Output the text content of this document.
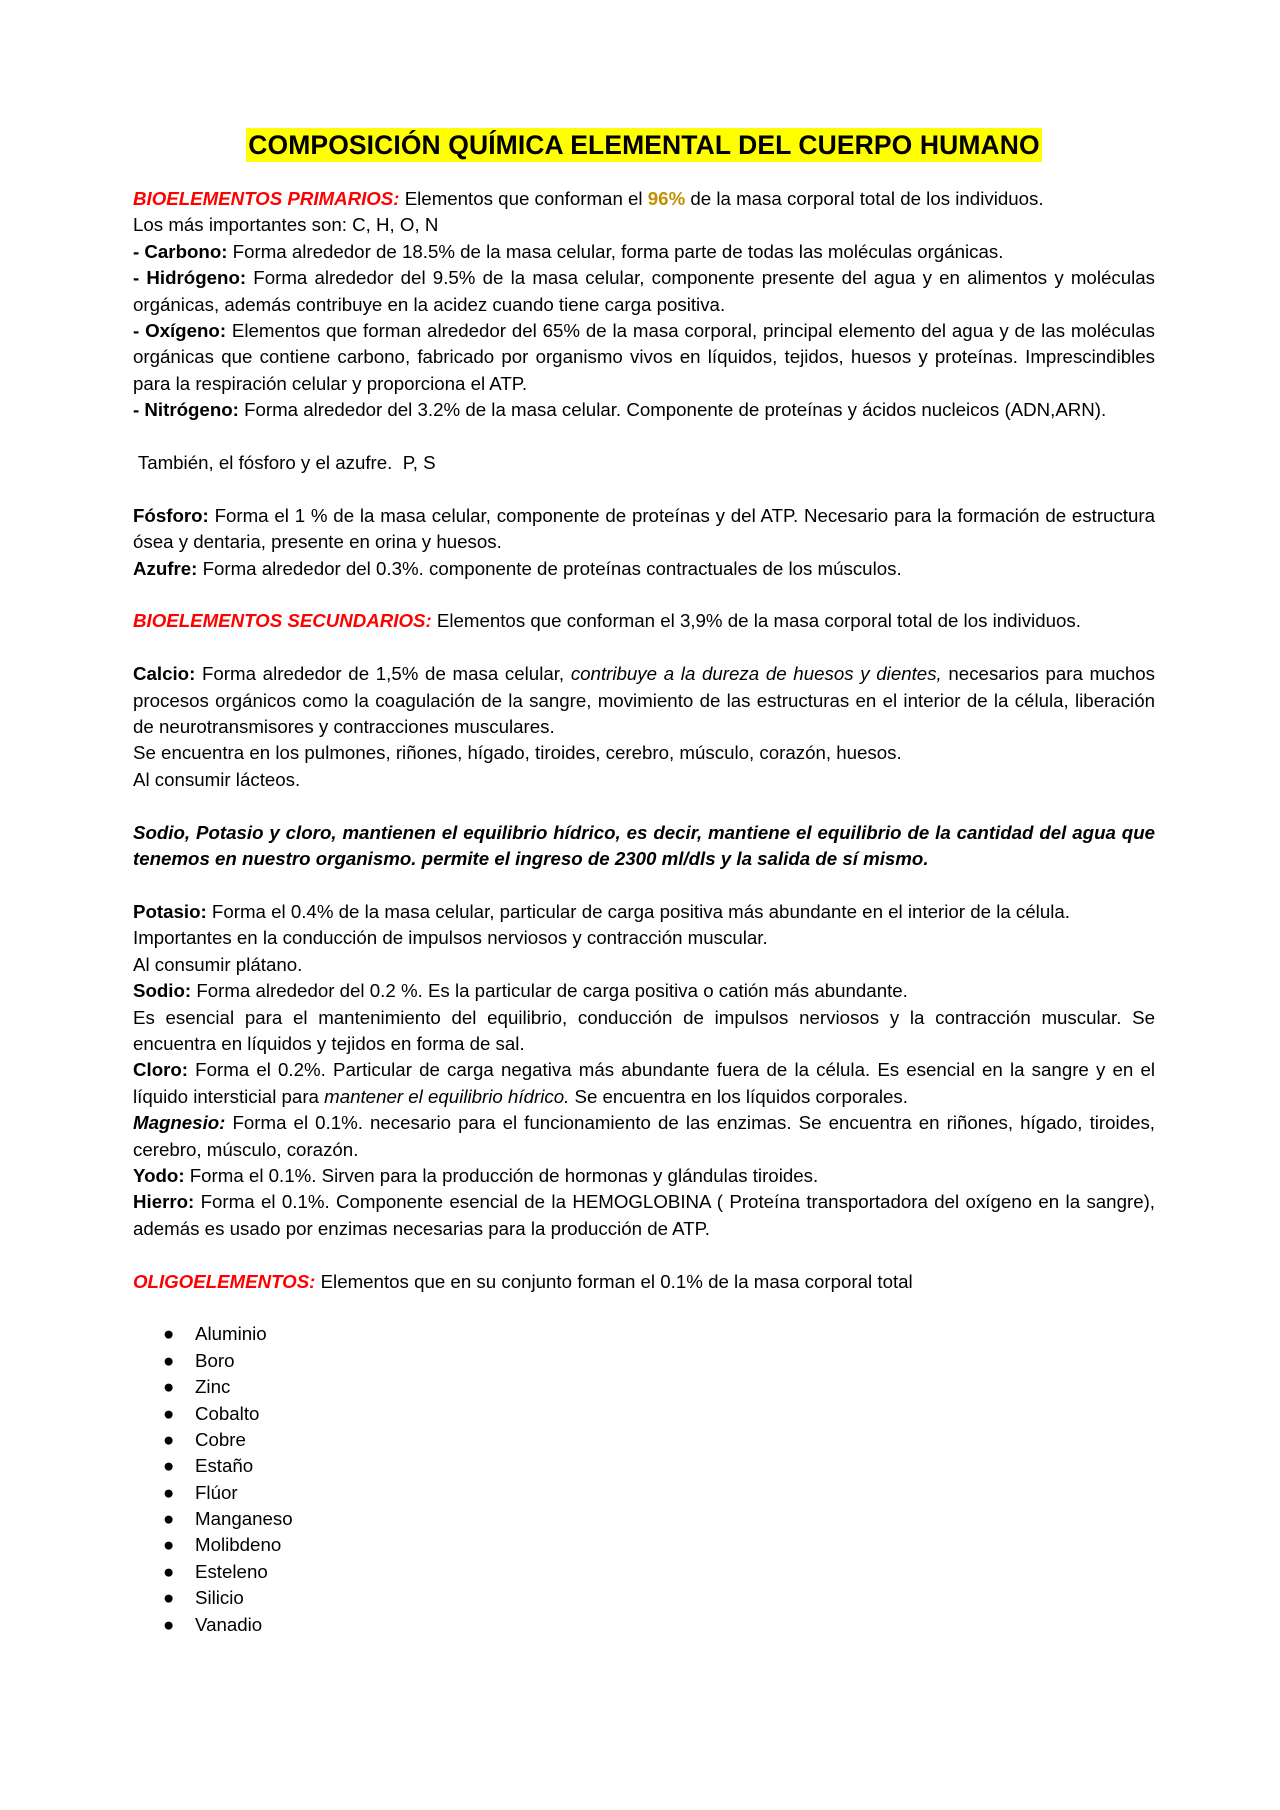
COMPOSICIÓN QUÍMICA ELEMENTAL DEL CUERPO HUMANO

BIOELEMENTOS PRIMARIOS: Elementos que conforman el 96% de la masa corporal total de los individuos.

Los más importantes son: C, H, O, N

- Carbono: Forma alrededor de 18.5% de la masa celular, forma parte de todas las moléculas orgánicas.

- Hidrógeno: Forma alrededor del 9.5% de la masa celular, componente presente del agua y en alimentos y moléculas orgánicas, además contribuye en la acidez cuando tiene carga positiva.

- Oxígeno: Elementos que forman alrededor del 65% de la masa corporal, principal elemento del agua y de las moléculas orgánicas que contiene carbono, fabricado por organismo vivos en líquidos, tejidos, huesos y proteínas. Imprescindibles para la respiración celular y proporciona el ATP.

- Nitrógeno: Forma alrededor del 3.2% de la masa celular. Componente de proteínas y ácidos nucleicos (ADN,ARN).

También, el fósforo y el azufre.  P, S

Fósforo: Forma el 1 % de la masa celular, componente de proteínas y del ATP. Necesario para la formación de estructura ósea y dentaria, presente en orina y huesos.

Azufre: Forma alrededor del 0.3%. componente de proteínas contractuales de los músculos.

BIOELEMENTOS SECUNDARIOS: Elementos que conforman el 3,9% de la masa corporal total de los individuos.

Calcio: Forma alrededor de 1,5% de masa celular, contribuye a la dureza de huesos y dientes, necesarios para muchos procesos orgánicos como la coagulación de la sangre, movimiento de las estructuras en el interior de la célula, liberación de neurotransmisores y contracciones musculares.

Se encuentra en los pulmones, riñones, hígado, tiroides, cerebro, músculo, corazón, huesos.

Al consumir lácteos.

Sodio, Potasio y cloro, mantienen el equilibrio hídrico, es decir, mantiene el equilibrio de la cantidad del agua que tenemos en nuestro organismo. permite el ingreso de 2300 ml/dls y la salida de sí mismo.

Potasio: Forma el 0.4% de la masa celular, particular de carga positiva más abundante en el interior de la célula.

Importantes en la conducción de impulsos nerviosos y contracción muscular.

Al consumir plátano.

Sodio: Forma alrededor del 0.2 %. Es la particular de carga positiva o catión más abundante.

Es esencial para el mantenimiento del equilibrio, conducción de impulsos nerviosos y la contracción muscular. Se encuentra en líquidos y tejidos en forma de sal.

Cloro: Forma el 0.2%. Particular de carga negativa más abundante fuera de la célula. Es esencial en la sangre y en el líquido intersticial para mantener el equilibrio hídrico. Se encuentra en los líquidos corporales.

Magnesio: Forma el 0.1%. necesario para el funcionamiento de las enzimas. Se encuentra en riñones, hígado, tiroides, cerebro, músculo, corazón.

Yodo: Forma el 0.1%. Sirven para la producción de hormonas y glándulas tiroides.

Hierro: Forma el 0.1%. Componente esencial de la HEMOGLOBINA ( Proteína transportadora del oxígeno en la sangre), además es usado por enzimas necesarias para la producción de ATP.

OLIGOELEMENTOS: Elementos que en su conjunto forman el 0.1% de la masa corporal total

● Aluminio
● Boro
● Zinc
● Cobalto
● Cobre
● Estaño
● Flúor
● Manganeso
● Molibdeno
● Esteleno
● Silicio
● Vanadio
